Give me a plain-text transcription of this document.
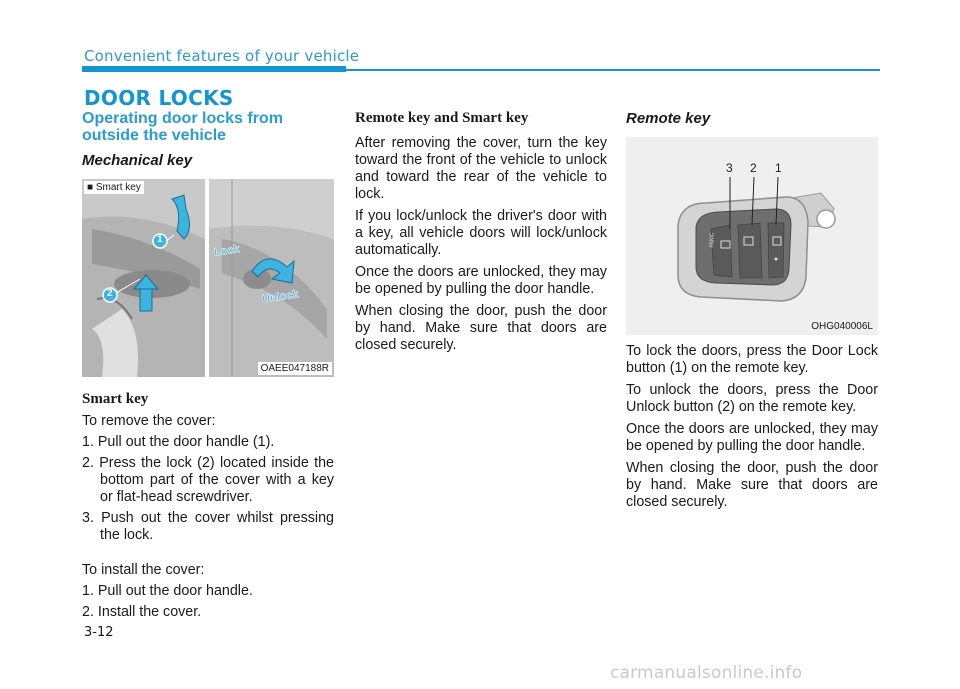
Convenient features of your vehicle
DOOR LOCKS
Operating door locks from outside the vehicle
Mechanical key
■ Smart key
1
2
Lock
Unlock
OAEE047188R
Smart key

To remove the cover:

1. Pull out the door handle (1).
2. Press the lock (2) located inside the bottom part of the cover with a key or flat-head screwdriver.
3. Push out the cover whilst pressing the lock.

To install the cover:

1. Pull out the door handle.
2. Install the cover.
Remote key and Smart key

After removing the cover, turn the key toward the front of the vehicle to unlock and toward the rear of the vehicle to lock.

If you lock/unlock the driver's door with a key, all vehicle doors will lock/unlock automatically.

Once the doors are unlocked, they may be opened by pulling the door handle.

When closing the door, push the door by hand. Make sure that doors are closed securely.

Remote key
3 2 1
PANIC
OHG040006L

To lock the doors, press the Door Lock button (1) on the remote key.

To unlock the doors, press the Door Unlock button (2) on the remote key.

Once the doors are unlocked, they may be opened by pulling the door handle.

When closing the door, push the door by hand. Make sure that doors are closed securely.

3-12
carmanualsonline.info
